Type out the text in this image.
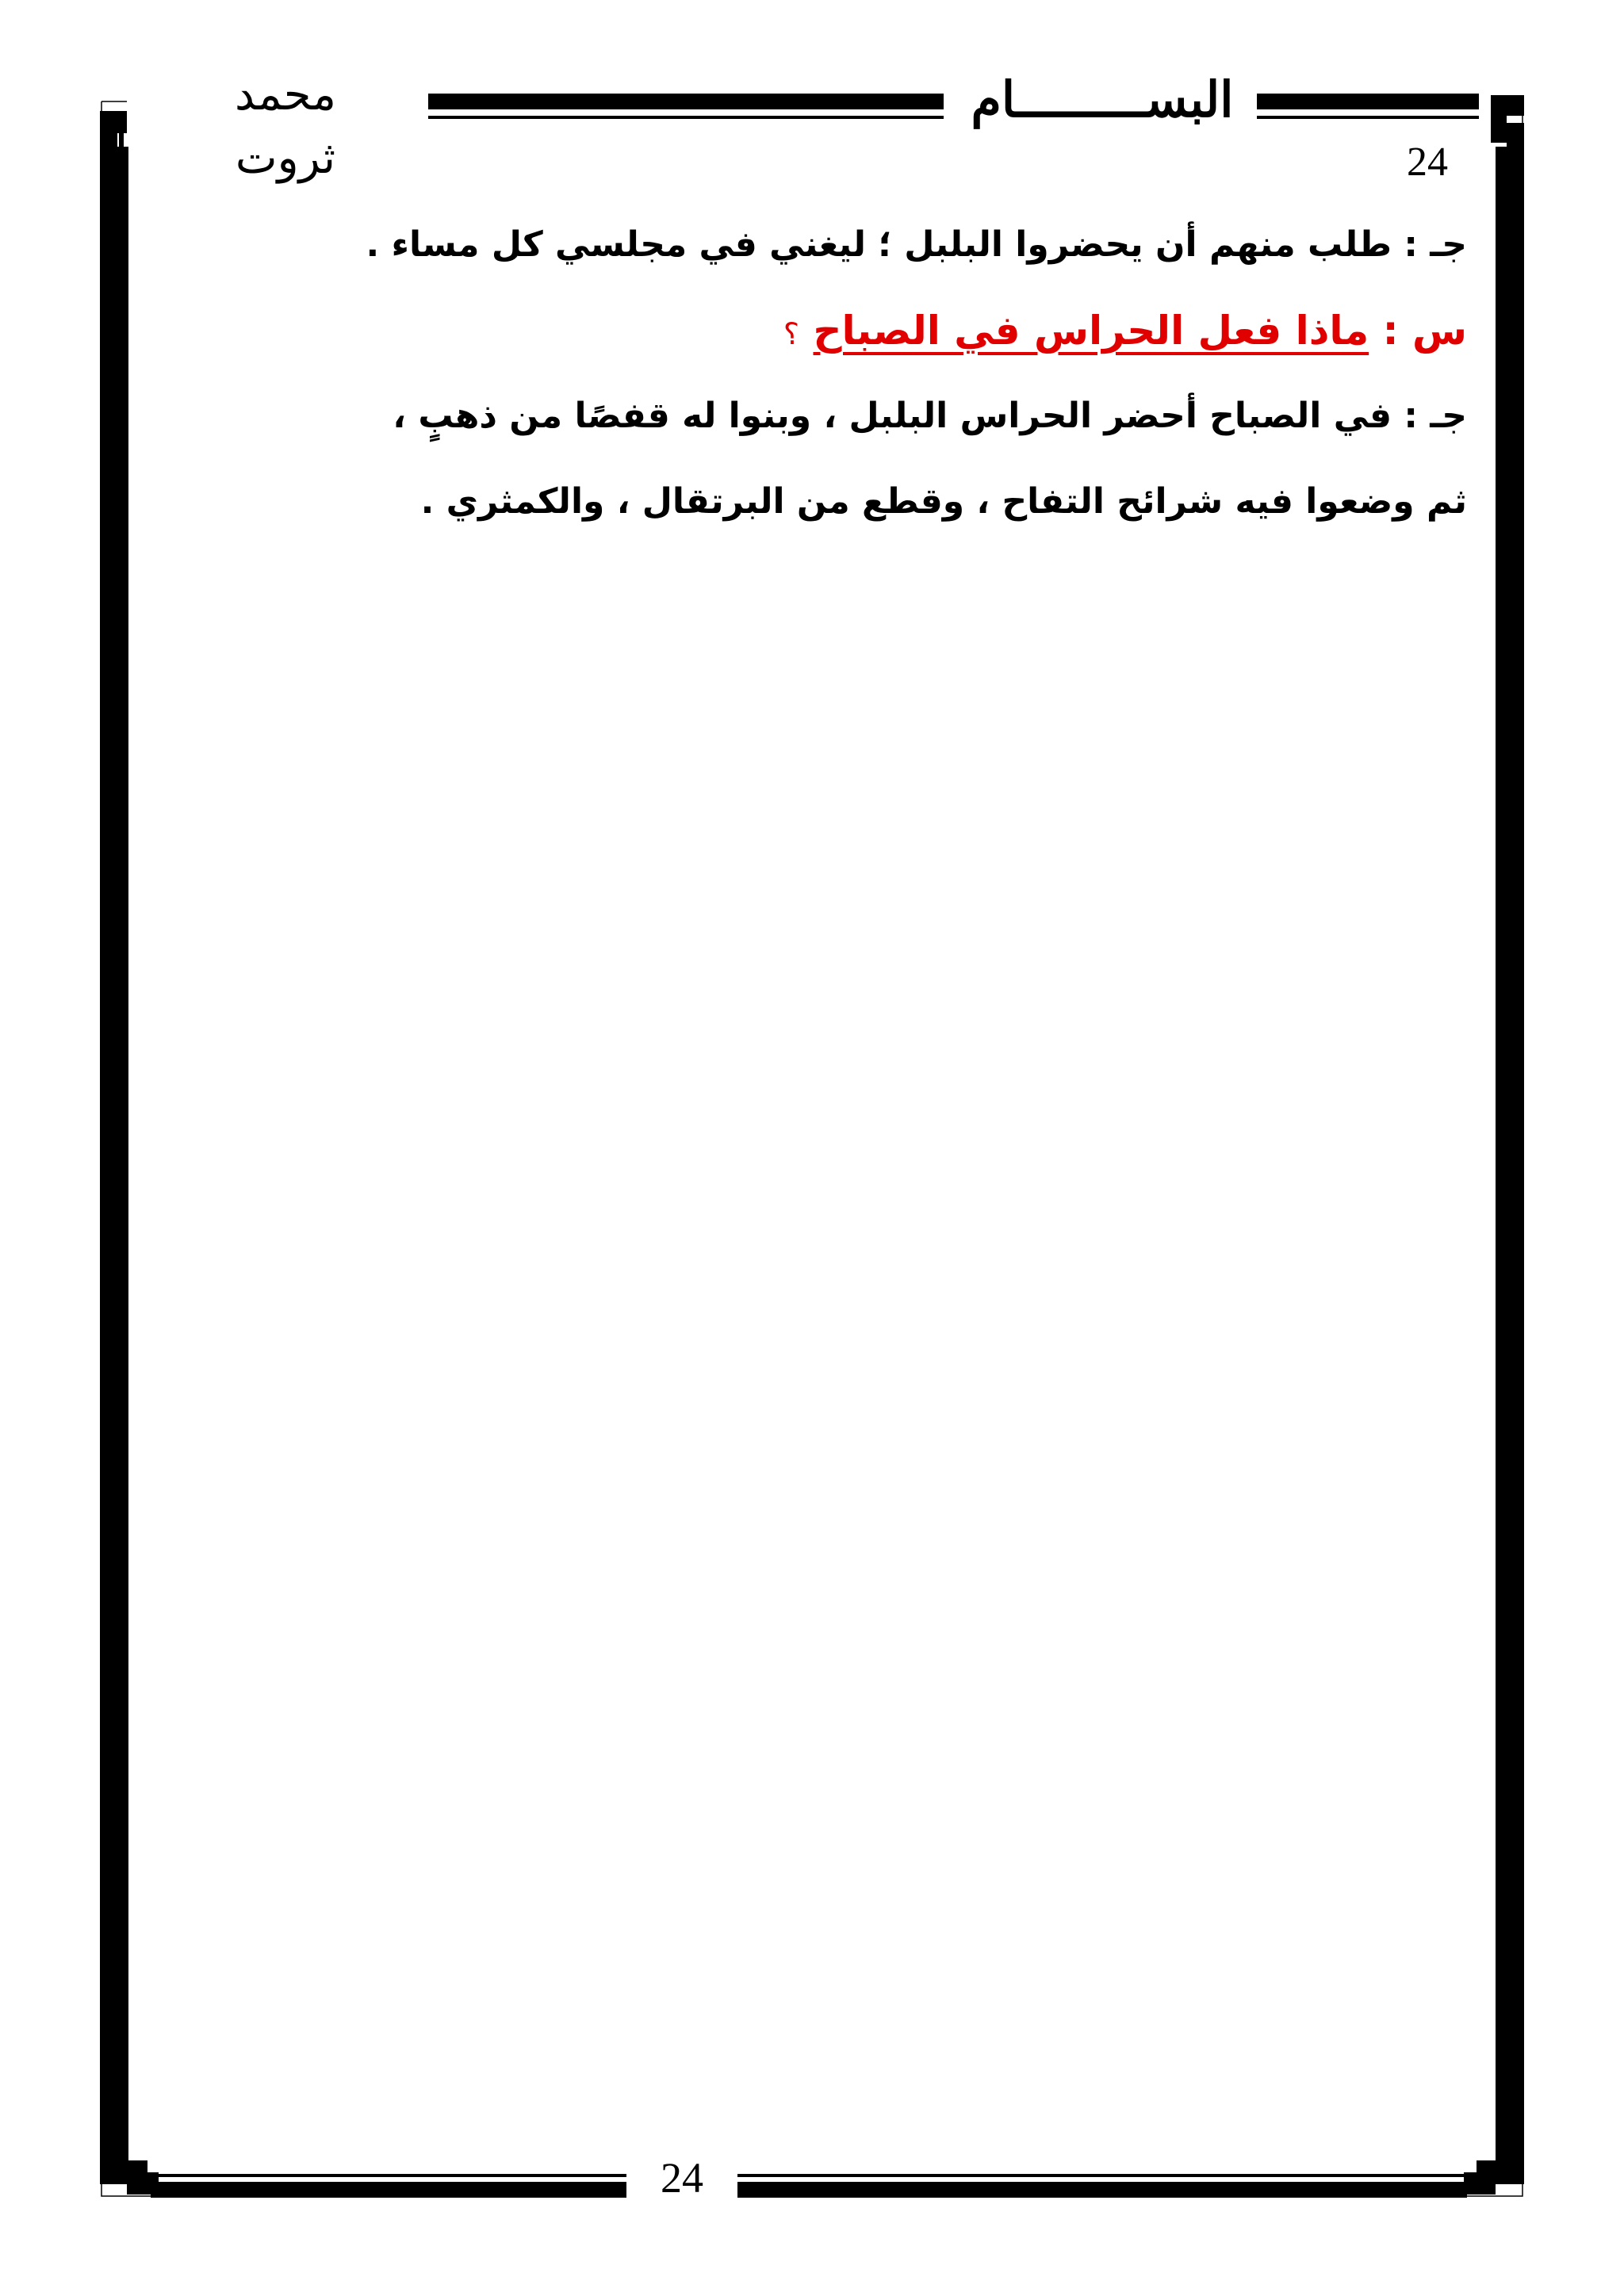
محمد ثروت
البســـــــــام
24
جـ : طلب منهم أن يحضروا البلبل ؛ ليغني في مجلسي كل مساء .
س : ماذا فعل الحراس في الصباح ؟
جـ : في الصباح أحضر الحراس البلبل ، وبنوا له قفصًا من ذهبٍ ،
ثم وضعوا فيه شرائح التفاح ، وقطع من البرتقال ، والكمثري .
24
